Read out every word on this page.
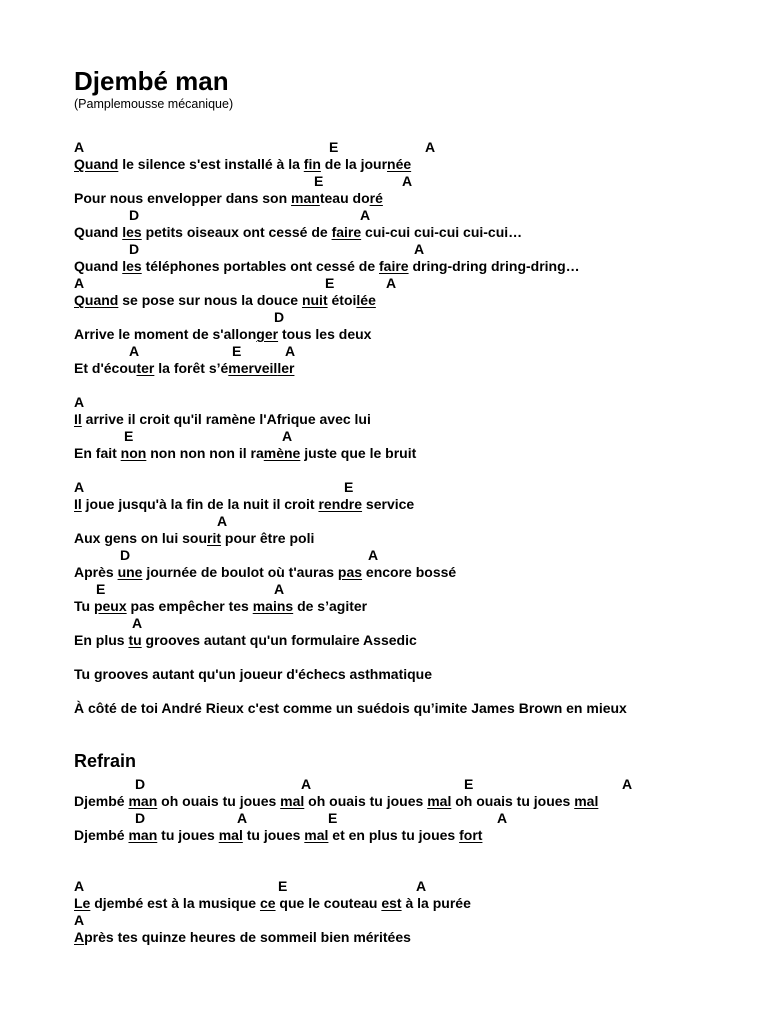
Djembé man
(Pamplemousse mécanique)
Refrain
A	E	A
Quand le silence s'est installé à la fin de la journée
E	A
Pour nous envelopper dans son manteau doré
D	A
Quand les petits oiseaux ont cessé de faire cui-cui cui-cui cui-cui…
D	A
Quand les téléphones portables ont cessé de faire dring-dring dring-dring…
A	E	A
Quand se pose sur nous la douce nuit étoilée
D
Arrive le moment de s'allonger tous les deux
A	E	A
Et d'écouter la forêt s’émerveiller
A
Il arrive il croit qu'il ramène l'Afrique avec lui
E	A
En fait non non non non il ramène juste que le bruit
A	E
Il joue jusqu'à la fin de la nuit il croit rendre service
A
Aux gens on lui sourit pour être poli
D	A
Après une journée de boulot où t'auras pas encore bossé
E	A
Tu peux pas empêcher tes mains de s’agiter
A
En plus tu grooves autant qu'un formulaire Assedic
Tu grooves autant qu'un joueur d'échecs asthmatique
À côté de toi André Rieux c'est comme un suédois qu’imite James Brown en mieux
D	A	E	A
Djembé man oh ouais tu joues mal oh ouais tu joues mal oh ouais tu joues mal
D	A	E	A
Djembé man tu joues mal tu joues mal et en plus tu joues fort
A	E	A
Le djembé est à la musique ce que le couteau est à la purée
A
Après tes quinze heures de sommeil bien méritées
